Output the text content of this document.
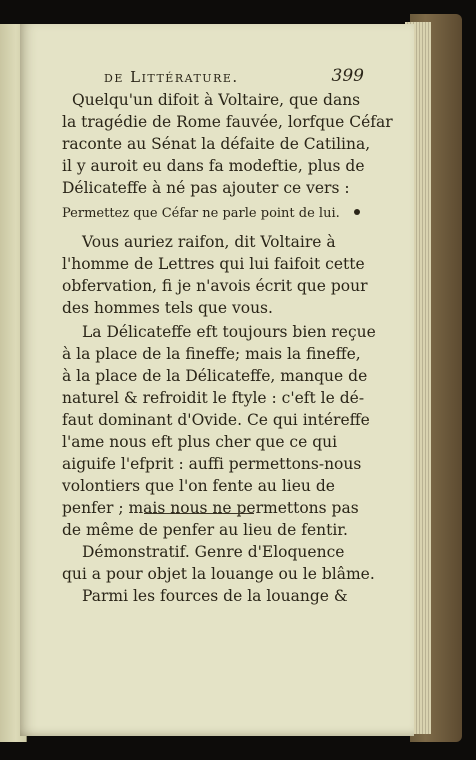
de Littérature.	399
Quelqu'un difoit à Voltaire, que dans
la tragédie de Rome fauvée, lorfque Céfar
raconte au Sénat la défaite de Catilina,
il y auroit eu dans fa modeftie, plus de
Délicateffe à né pas ajouter ce vers :
Permettez que Céfar ne parle point de lui.
Vous auriez raifon, dit Voltaire à
l'homme de Lettres qui lui faifoit cette
obfervation, fi je n'avois écrit que pour
des hommes tels que vous.
La Délicateffe eft toujours bien reçue
à la place de la fineffe; mais la fineffe,
à la place de la Délicateffe, manque de
naturel & refroidit le ftyle : c'eft le dé-
faut dominant d'Ovide. Ce qui intéreffe
l'ame nous eft plus cher que ce qui
aiguife l'efprit : auffi permettons-nous
volontiers que l'on fente au lieu de
penfer ; mais nous ne permettons pas
de même de penfer au lieu de fentir.
Démonstratif. Genre d'Eloquence
qui a pour objet la louange ou le blâme.
Parmi les fources de la louange &
